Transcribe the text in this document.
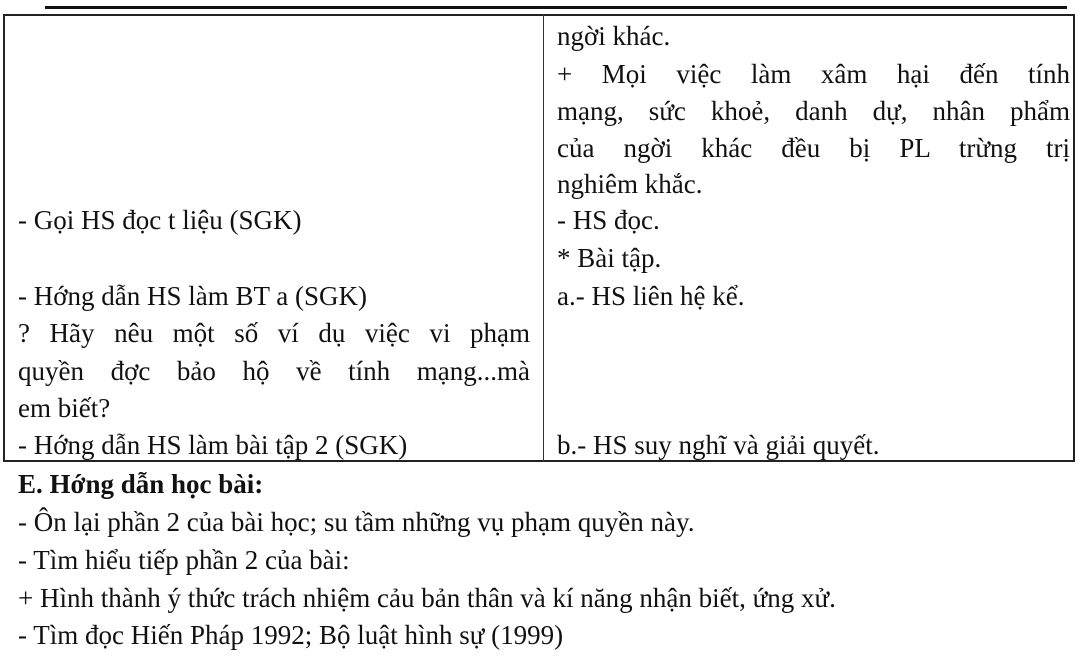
ngời khác.
+ Mọi việc làm xâm hại đến tính
mạng, sức khoẻ, danh dự, nhân phẩm
của ngời khác đều bị PL trừng trị
nghiêm khắc.
- HS đọc.
* Bài tập.
a.- HS liên hệ kể.
b.- HS suy nghĩ và giải quyết.
- Gọi HS đọc t liệu (SGK)
- Hớng dẫn HS làm BT a (SGK)
? Hãy nêu một số ví dụ việc vi phạm
quyền đợc bảo hộ về tính mạng...mà
em biết?
- Hớng dẫn HS làm bài tập 2 (SGK)
E. Hớng dẫn học bài:
- Ôn lại phần 2 của bài học; su tầm những vụ phạm quyền này.
- Tìm hiểu tiếp phần 2 của bài:
+ Hình thành ý thức trách nhiệm cảu bản thân và kí năng nhận biết, ứng xử.
- Tìm đọc Hiến Pháp 1992; Bộ luật hình sự (1999)
